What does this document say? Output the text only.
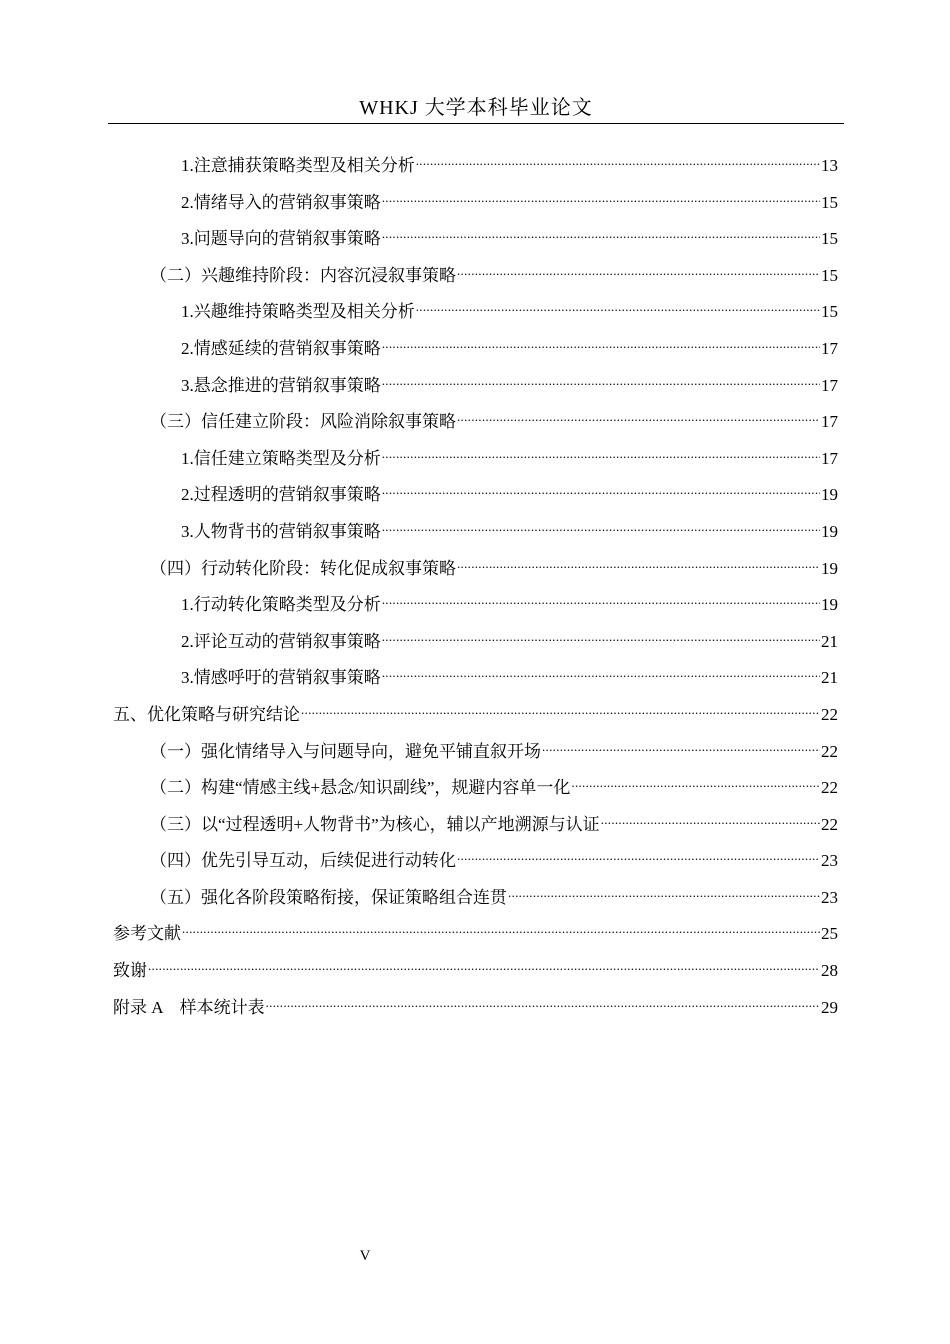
WHKJ 大学本科毕业论文
1.注意捕获策略类型及相关分析 .....	13
2.情绪导入的营销叙事策略 .....	15
3.问题导向的营销叙事策略 .....	15
（二）兴趣维持阶段：内容沉浸叙事策略 .....	15
1.兴趣维持策略类型及相关分析 .....	15
2.情感延续的营销叙事策略 .....	17
3.悬念推进的营销叙事策略 .....	17
（三）信任建立阶段：风险消除叙事策略 .....	17
1.信任建立策略类型及分析 .....	17
2.过程透明的营销叙事策略 .....	19
3.人物背书的营销叙事策略 .....	19
（四）行动转化阶段：转化促成叙事策略 .....	19
1.行动转化策略类型及分析 .....	19
2.评论互动的营销叙事策略 .....	21
3.情感呼吁的营销叙事策略 .....	21
五、优化策略与研究结论 .....	22
（一）强化情绪导入与问题导向，避免平铺直叙开场 .....	22
（二）构建“情感主线+悬念/知识副线”，规避内容单一化 .....	22
（三）以“过程透明+人物背书”为核心，辅以产地溯源与认证 .....	22
（四）优先引导互动，后续促进行动转化 .....	23
（五）强化各阶段策略衔接，保证策略组合连贯 .....	23
参考文献 .....	25
致谢 .....	28
附录 A　样本统计表 .....	29
V
